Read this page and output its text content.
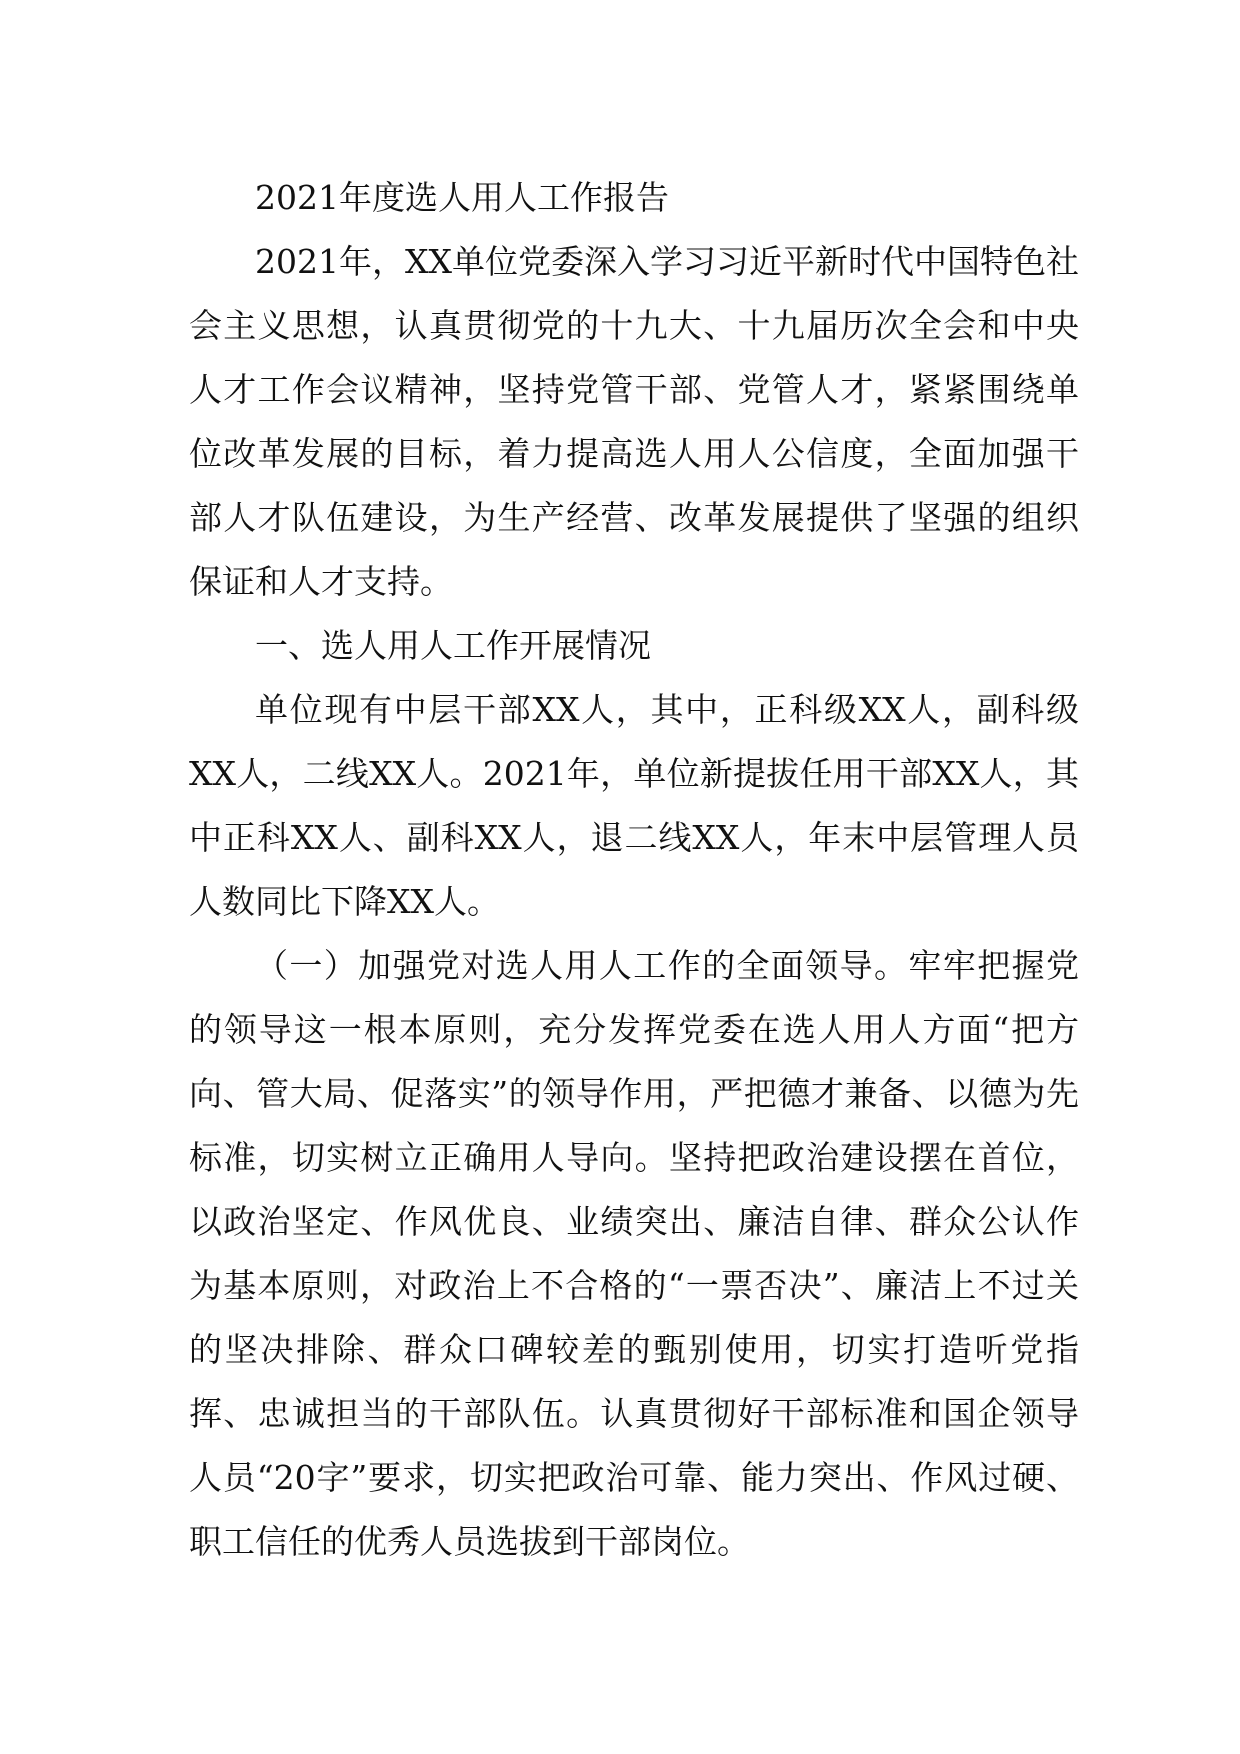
2021年度选人用人工作报告

2021年，XX单位党委深入学习习近平新时代中国特色社会主义思想，认真贯彻党的十九大、十九届历次全会和中央人才工作会议精神，坚持党管干部、党管人才，紧紧围绕单位改革发展的目标，着力提高选人用人公信度，全面加强干部人才队伍建设，为生产经营、改革发展提供了坚强的组织保证和人才支持。

一、选人用人工作开展情况

单位现有中层干部XX人，其中，正科级XX人，副科级XX人，二线XX人。2021年，单位新提拔任用干部XX人，其中正科XX人、副科XX人，退二线XX人，年末中层管理人员人数同比下降XX人。

（一）加强党对选人用人工作的全面领导。牢牢把握党的领导这一根本原则，充分发挥党委在选人用人方面“把方向、管大局、促落实”的领导作用，严把德才兼备、以德为先标准，切实树立正确用人导向。坚持把政治建设摆在首位，以政治坚定、作风优良、业绩突出、廉洁自律、群众公认作为基本原则，对政治上不合格的“一票否决”、廉洁上不过关的坚决排除、群众口碑较差的甄别使用，切实打造听党指挥、忠诚担当的干部队伍。认真贯彻好干部标准和国企领导人员“20字”要求，切实把政治可靠、能力突出、作风过硬、职工信任的优秀人员选拔到干部岗位。
